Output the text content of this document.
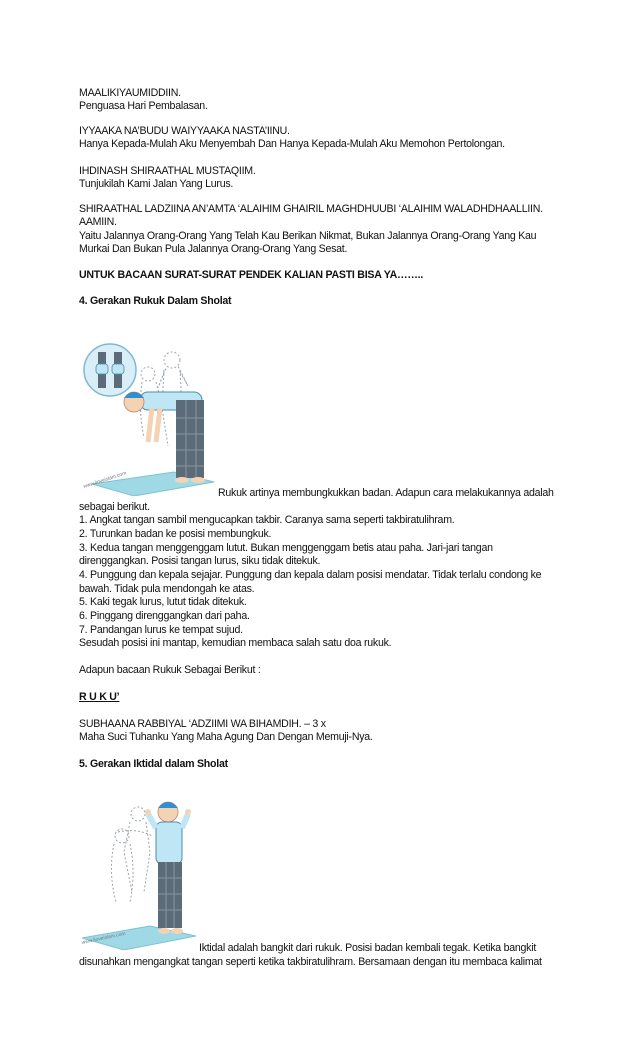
MAALIKIYAUMIDDIIN.
Penguasa Hari Pembalasan.
IYYAAKA NA’BUDU WAIYYAAKA NASTA’IINU.
Hanya Kepada-Mulah Aku Menyembah Dan Hanya Kepada-Mulah Aku Memohon Pertolongan.
IHDINASH SHIRAATHAL MUSTAQIIM.
Tunjukilah Kami Jalan Yang Lurus.
SHIRAATHAL LADZIINA AN’AMTA ‘ALAIHIM GHAIRIL MAGHDHUUBI ‘ALAIHIM WALADHDHAALLIIN.
AAMIIN.
Yaitu Jalannya Orang-Orang Yang Telah Kau Berikan Nikmat, Bukan Jalannya Orang-Orang Yang Kau
Murkai Dan Bukan Pula Jalannya Orang-Orang Yang Sesat.
UNTUK BACAAN SURAT-SURAT PENDEK KALIAN PASTI BISA YA……..
4. Gerakan Rukuk Dalam Sholat
www.iloveislam.com
Rukuk artinya membungkukkan badan. Adapun cara melakukannya adalah
sebagai berikut.
1. Angkat tangan sambil mengucapkan takbir. Caranya sama seperti takbiratulihram.
2. Turunkan badan ke posisi membungkuk.
3. Kedua tangan menggenggam lutut. Bukan menggenggam betis atau paha. Jari-jari tangan
direnggangkan. Posisi tangan lurus, siku tidak ditekuk.
4. Punggung dan kepala sejajar. Punggung dan kepala dalam posisi mendatar. Tidak terlalu condong ke
bawah. Tidak pula mendongah ke atas.
5. Kaki tegak lurus, lutut tidak ditekuk.
6. Pinggang direnggangkan dari paha.
7. Pandangan lurus ke tempat sujud.
Sesudah posisi ini mantap, kemudian membaca salah satu doa rukuk.
Adapun bacaan Rukuk Sebagai Berikut :
R U K U’
SUBHAANA RABBIYAL ‘ADZIIMI WA BIHAMDIH. – 3 x
Maha Suci Tuhanku Yang Maha Agung Dan Dengan Memuji-Nya.
5. Gerakan Iktidal dalam Sholat
www.iloveislam.com
Iktidal adalah bangkit dari rukuk. Posisi badan kembali tegak. Ketika bangkit
disunahkan mengangkat tangan seperti ketika takbiratulihram. Bersamaan dengan itu membaca kalimat
